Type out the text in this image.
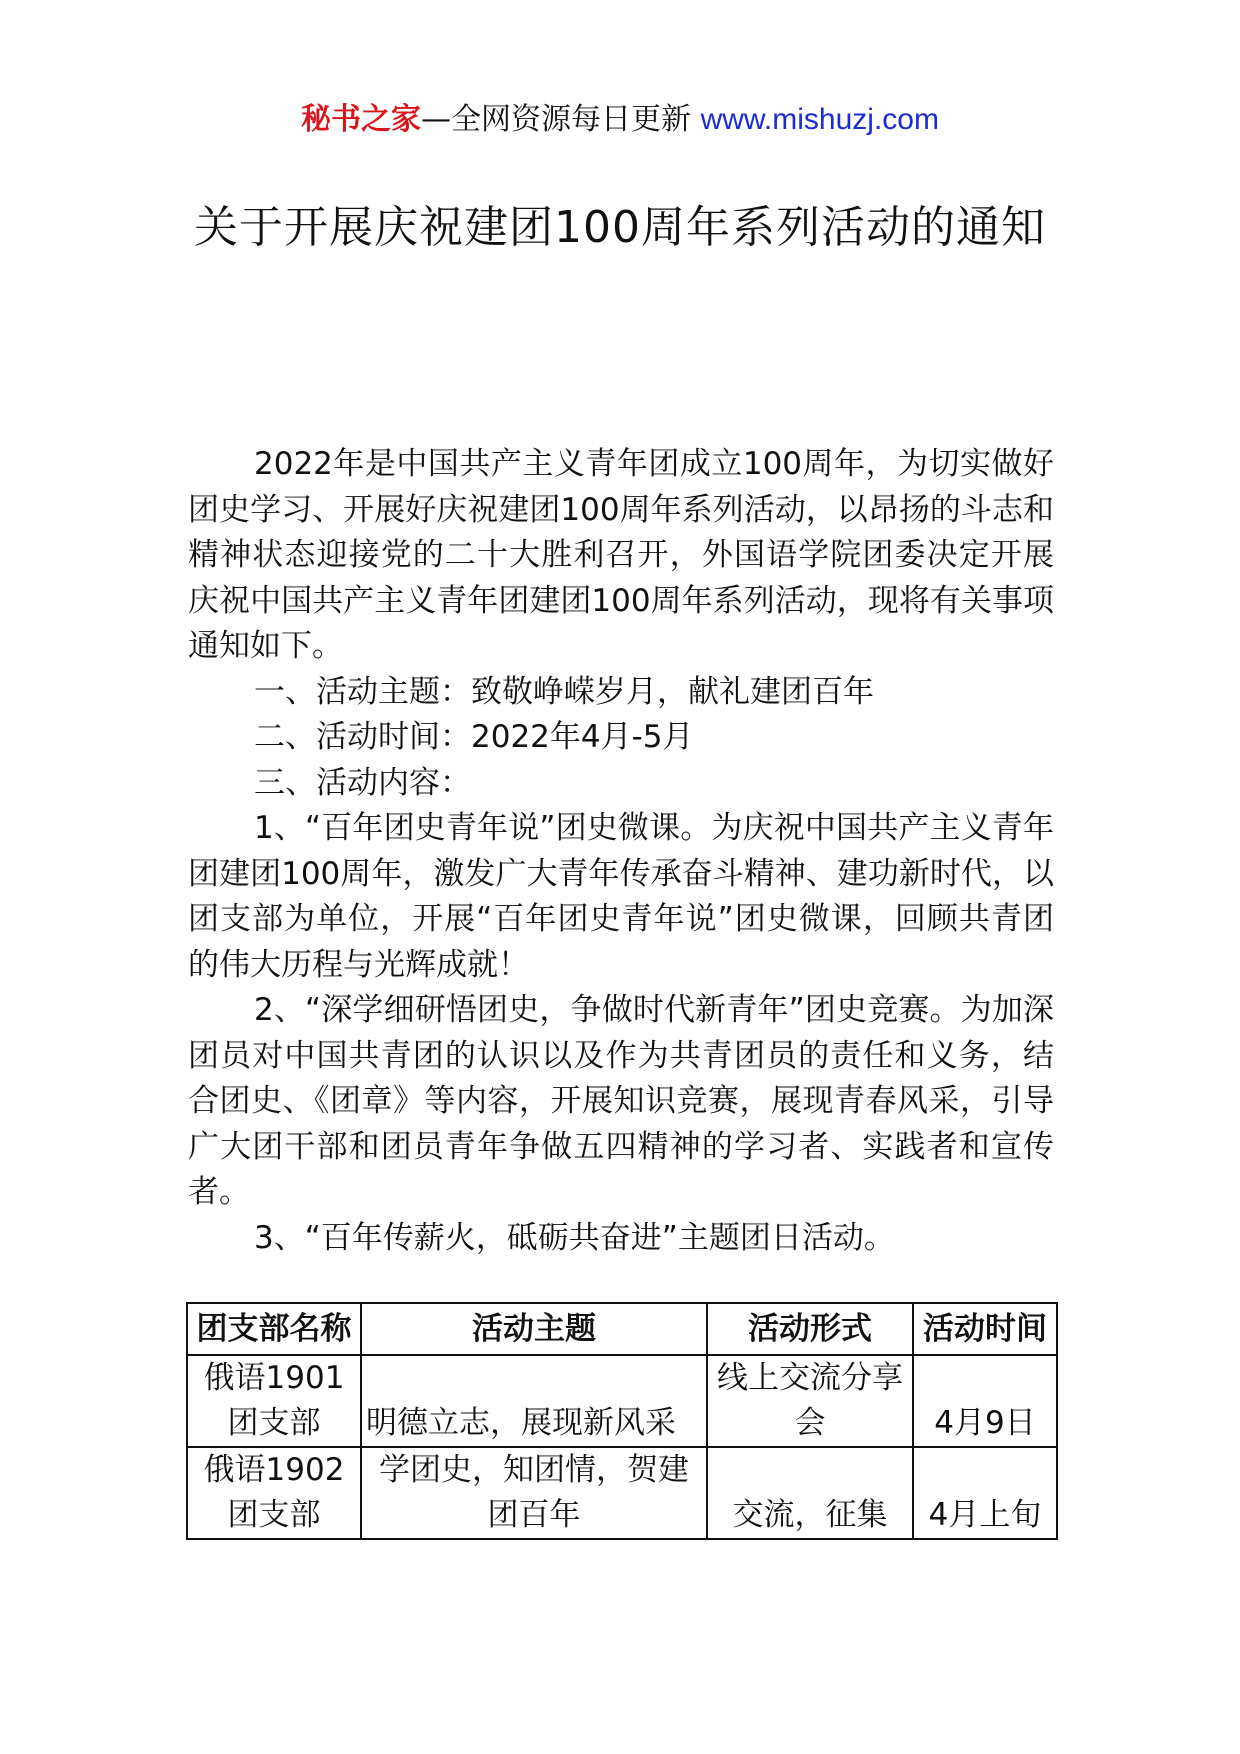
秘书之家—全网资源每日更新 www.mishuzj.com
关于开展庆祝建团100周年系列活动的通知

2022年是中国共产主义青年团成立100周年，为切实做好团史学习、开展好庆祝建团100周年系列活动，以昂扬的斗志和精神状态迎接党的二十大胜利召开，外国语学院团委决定开展庆祝中国共产主义青年团建团100周年系列活动，现将有关事项通知如下。

一、活动主题：致敬峥嵘岁月，献礼建团百年

二、活动时间：2022年4月-5月

三、活动内容：

1、“百年团史青年说”团史微课。为庆祝中国共产主义青年团建团100周年，激发广大青年传承奋斗精神、建功新时代，以团支部为单位，开展“百年团史青年说”团史微课，回顾共青团的伟大历程与光辉成就！

2、“深学细研悟团史，争做时代新青年”团史竞赛。为加深团员对中国共青团的认识以及作为共青团员的责任和义务，结合团史、《团章》等内容，开展知识竞赛，展现青春风采，引导广大团干部和团员青年争做五四精神的学习者、实践者和宣传者。

3、“百年传薪火，砥砺共奋进”主题团日活动。

团支部名称	活动主题	活动形式	活动时间
俄语1901团支部	明德立志，展现新风采	线上交流分享会	4月9日
俄语1902团支部	学团史，知团情，贺建团百年	交流，征集	4月上旬
